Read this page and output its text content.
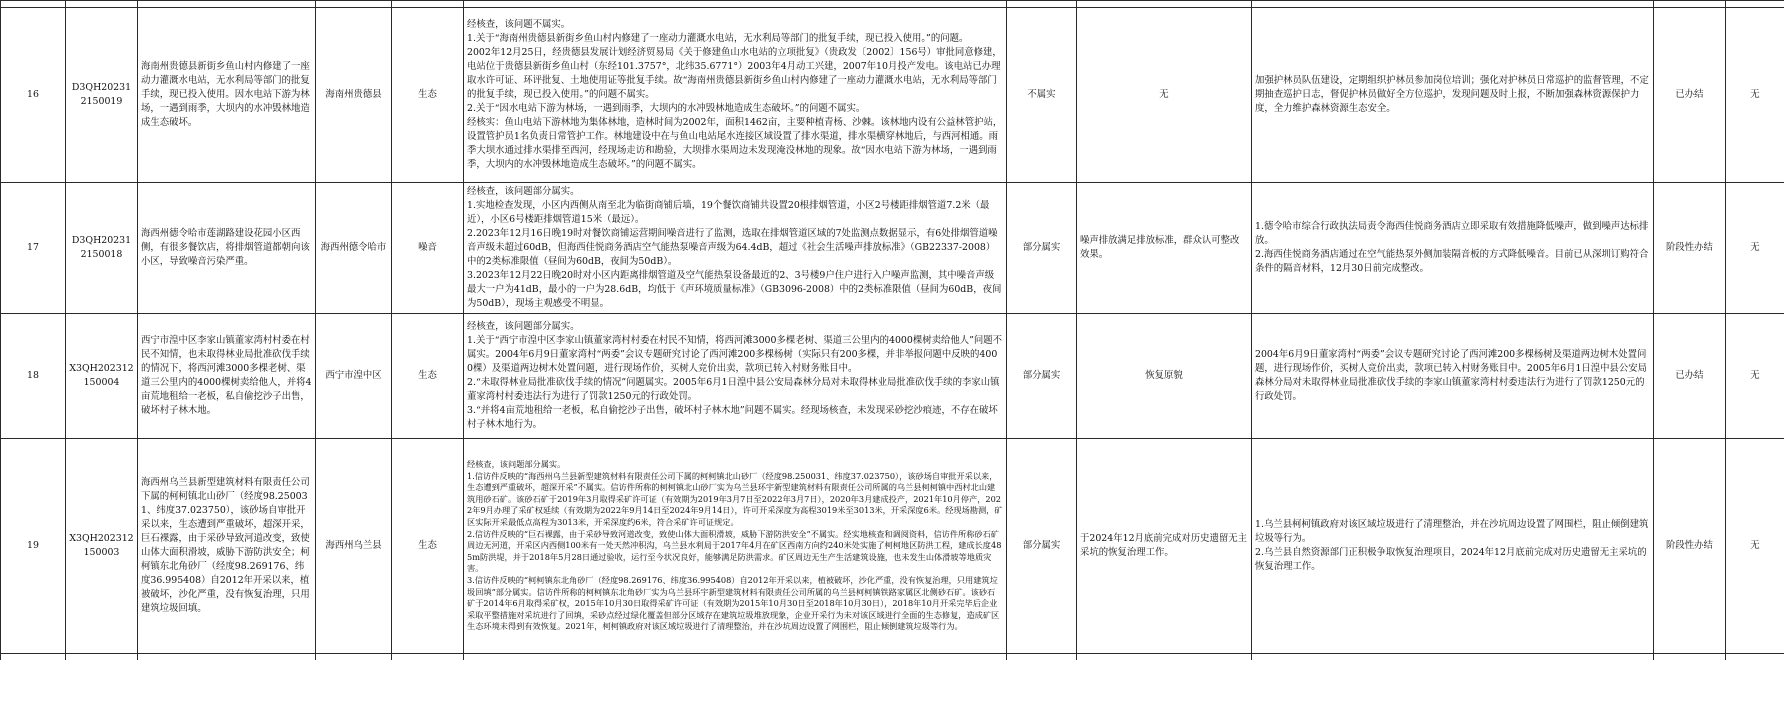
16	D3QH202312150019	海南州贵德县新街乡鱼山村内修建了一座动力灌溉水电站，无水利局等部门的批复手续，现已投入使用。因水电站下游为林场，一遇到雨季，大坝内的水冲毁林地造成生态破坏。	海南州贵德县	生态	经核查，该问题不属实。
1.关于“海南州贵德县新街乡鱼山村内修建了一座动力灌溉水电站，无水利局等部门的批复手续，现已投入使用。”的问题。
2002年12月25日，经贵德县发展计划经济贸易局《关于修建鱼山水电站的立项批复》（贵政发〔2002〕156号）审批同意修建，电站位于贵德县新街乡鱼山村（东经101.3757°，北纬35.6771°）2003年4月动工兴建，2007年10月投产发电。该电站已办理取水许可证、环评批复、土地使用证等批复手续。故“海南州贵德县新街乡鱼山村内修建了一座动力灌溉水电站，无水利局等部门的批复手续，现已投入使用。”的问题不属实。
2.关于“因水电站下游为林场，一遇到雨季，大坝内的水冲毁林地造成生态破坏。”的问题不属实。
经核实：鱼山电站下游林地为集体林地，造林时间为2002年，面积1462亩，主要种植青杨、沙棘。该林地内设有公益林管护站，设置管护员1名负责日常管护工作。林地建设中在与鱼山电站尾水连接区域设置了排水渠道，排水渠横穿林地后，与西河相通。雨季大坝水通过排水渠排至西河，经现场走访和勘验，大坝排水渠周边未发现淹没林地的现象。故“因水电站下游为林场，一遇到雨季，大坝内的水冲毁林地造成生态破坏。”的问题不属实。	不属实	无	加强护林员队伍建设，定期组织护林员参加岗位培训；强化对护林员日常巡护的监督管理，不定期抽查巡护日志，督促护林员做好全方位巡护，发现问题及时上报，不断加强森林资源保护力度，全力维护森林资源生态安全。	已办结	无
17	D3QH202312150018	海西州德令哈市莲湖路建设花园小区西侧，有很多餐饮店，将排烟管道都朝向该小区，导致噪音污染严重。	海西州德令哈市	噪音	经核查，该问题部分属实。
1.实地检查发现，小区内西侧从南至北为临街商铺后墙，19个餐饮商铺共设置20根排烟管道，小区2号楼距排烟管道7.2米（最近），小区6号楼距排烟管道15米（最远）。
2.2023年12月16日晚19时对餐饮商铺运营期间噪音进行了监测，选取在排烟管道区域的7处监测点数据显示，有6处排烟管道噪音声级未超过60dB，但海西佳悦商务酒店空气能热泵噪音声级为64.4dB，超过《社会生活噪声排放标准》（GB22337-2008）中的2类标准限值（昼间为60dB，夜间为50dB）。
3.2023年12月22日晚20时对小区内距离排烟管道及空气能热泵设备最近的2、3号楼9户住户进行入户噪声监测，其中噪音声级最大一户为41dB，最小的一户为28.6dB，均低于《声环境质量标准》（GB3096-2008）中的2类标准限值（昼间为60dB，夜间为50dB），现场主观感受不明显。	部分属实	噪声排放满足排放标准，群众认可整改效果。	1.德令哈市综合行政执法局责令海西佳悦商务酒店立即采取有效措施降低噪声，做到噪声达标排放。
2.海西佳悦商务酒店通过在空气能热泵外侧加装隔音板的方式降低噪音。目前已从深圳订购符合条件的隔音材料，12月30日前完成整改。	阶段性办结	无
18	X3QH202312150004	西宁市湟中区李家山镇董家湾村村委在村民不知情，也未取得林业局批准砍伐手续的情况下，将西河滩3000多棵老树、渠道三公里内的4000棵树卖给他人，并将4亩荒地租给一老板，私自偷挖沙子出售，破坏村子林木地。	西宁市湟中区	生态	经核查，该问题部分属实。
1.关于“西宁市湟中区李家山镇董家湾村村委在村民不知情，将西河滩3000多棵老树、渠道三公里内的4000棵树卖给他人”问题不属实。2004年6月9日董家湾村“两委”会议专题研究讨论了西河滩200多棵杨树（实际只有200多棵，并非举报问题中反映的4000棵）及渠道两边树木处置问题，进行现场作价，买树人竞价出卖，款项已转入村财务账目中。
2.“未取得林业局批准砍伐手续的情况”问题属实。2005年6月1日湟中县公安局森林分局对未取得林业局批准砍伐手续的李家山镇董家湾村村委违法行为进行了罚款1250元的行政处罚。
3.“并将4亩荒地租给一老板，私自偷挖沙子出售，破坏村子林木地”问题不属实。经现场核查，未发现采砂挖沙痕迹，不存在破坏村子林木地行为。	部分属实	恢复原貌	2004年6月9日董家湾村“两委”会议专题研究讨论了西河滩200多棵杨树及渠道两边树木处置问题，进行现场作价，买树人竞价出卖，款项已转入村财务账目中。2005年6月1日湟中县公安局森林分局对未取得林业局批准砍伐手续的李家山镇董家湾村村委违法行为进行了罚款1250元的行政处罚。	已办结	无
19	X3QH202312150003	海西州乌兰县新型建筑材料有限责任公司下属的柯柯镇北山砂厂（经度98.250031、纬度37.023750），该砂场自审批开采以来，生态遭到严重破坏，超深开采，巨石裸露，由于采砂导致河道改变，致使山体大面积滑坡，威胁下游防洪安全；柯柯镇东北角砂厂（经度98.269176、纬度36.995408）自2012年开采以来，植被破坏，沙化严重，没有恢复治理，只用建筑垃圾回填。	海西州乌兰县	生态	经核查，该问题部分属实。
1.信访件反映的“海西州乌兰县新型建筑材料有限责任公司下属的柯柯镇北山砂厂（经度98.250031、纬度37.023750），该砂场自审批开采以来，生态遭到严重破坏，超深开采”不属实。信访件所称的柯柯镇北山砂厂实为乌兰县环宇新型建筑材料有限责任公司所属的乌兰县柯柯镇中西村北山建筑用砂石矿。该砂石矿于2019年3月取得采矿许可证（有效期为2019年3月7日至2022年3月7日），2020年3月建成投产，2021年10月停产，2022年9月办理了采矿权延续（有效期为2022年9月14日至2024年9月14日），许可开采深度为高程3019米至3013米，开采深度6米。经现场勘测，矿区实际开采最低点高程为3013米，开采深度约6米，符合采矿许可证规定。
2.信访件反映的“巨石裸露，由于采砂导致河道改变，致使山体大面积滑坡，威胁下游防洪安全”不属实。经实地核查和调阅资料，信访件所称砂石矿周边无河道，开采区内西侧100米有一处天然冲积沟，乌兰县水利局于2017年4月在矿区西南方向约240米处实施了柯柯地区防洪工程，建成长度485m防洪堤，并于2018年5月28日通过验收，运行至今状况良好，能够满足防洪需求。矿区周边无生产生活建筑设施，也未发生山体滑坡等地质灾害。
3.信访件反映的“柯柯镇东北角砂厂（经度98.269176、纬度36.995408）自2012年开采以来，植被破坏，沙化严重，没有恢复治理，只用建筑垃圾回填”部分属实。信访件所称的柯柯镇东北角砂厂实为乌兰县环宇新型建筑材料有限责任公司所属的乌兰县柯柯镇铁路家属区北侧砂石矿。该砂石矿于2014年6月取得采矿权，2015年10月30日取得采矿许可证（有效期为2015年10月30日至2018年10月30日），2018年10月开采完毕后企业采取平整措施对采坑进行了回填，采砂点经过绿化覆盖但部分区域存在建筑垃圾堆放现象，企业开采行为未对该区域进行全面的生态修复，造成矿区生态环境未得到有效恢复。2021年，柯柯镇政府对该区域垃圾进行了清理整治，并在沙坑周边设置了网围栏，阻止倾倒建筑垃圾等行为。	部分属实	于2024年12月底前完成对历史遗留无主采坑的恢复治理工作。	1.乌兰县柯柯镇政府对该区域垃圾进行了清理整治，并在沙坑周边设置了网围栏，阻止倾倒建筑垃圾等行为。
2.乌兰县自然资源部门正积极争取恢复治理项目，2024年12月底前完成对历史遗留无主采坑的恢复治理工作。	阶段性办结	无
